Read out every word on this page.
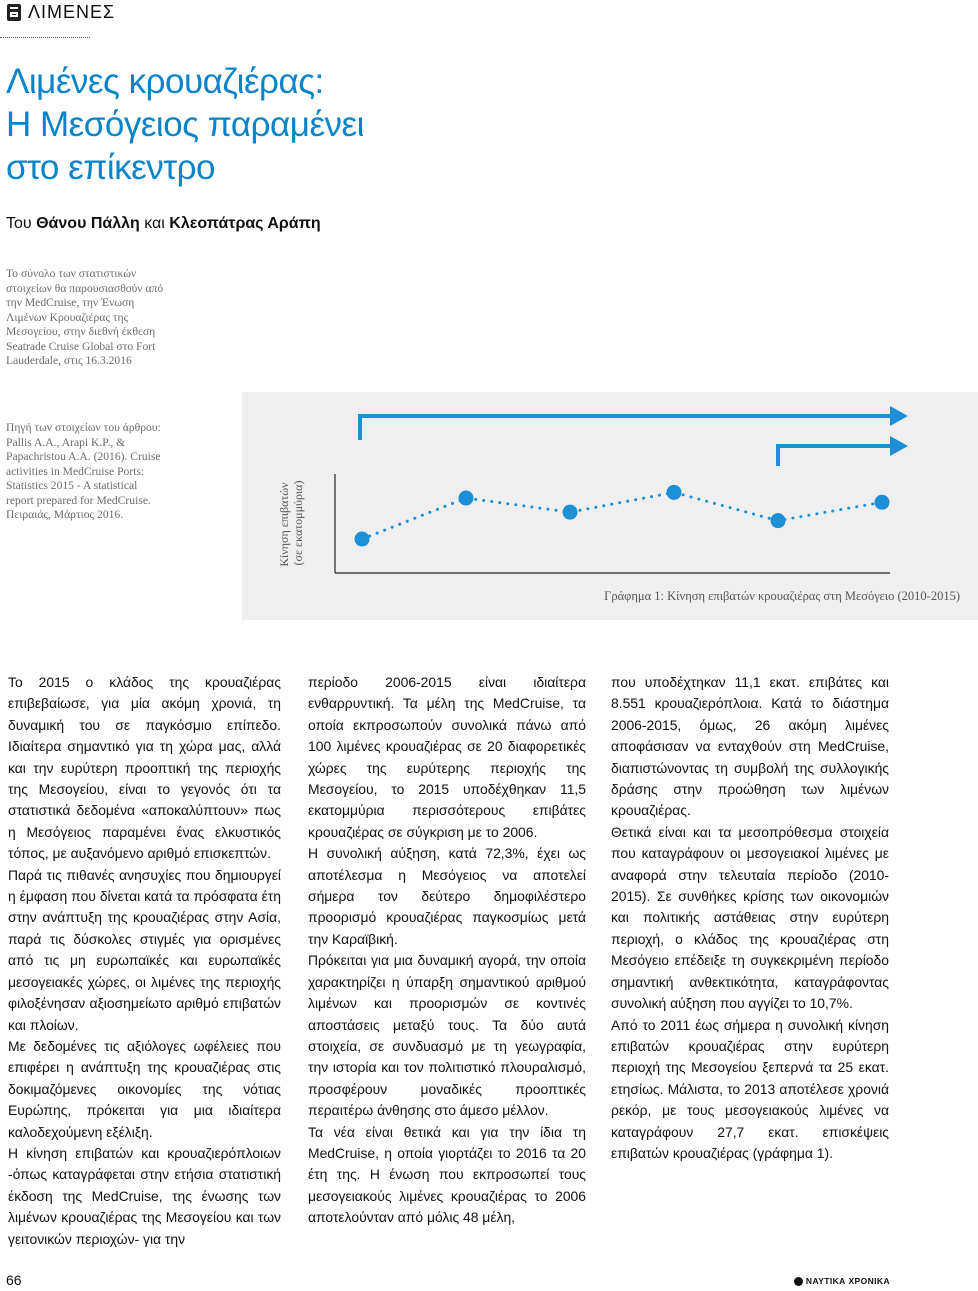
ΛΙΜΕΝΕΣ
Λιμένες κρουαζιέρας:
Η Μεσόγειος παραμένει
στο επίκεντρο
Του Θάνου Πάλλη και Κλεοπάτρας Αράπη
Το σύνολο των στατιστικών στοιχείων θα παρουσιασθούν από την MedCruise, την Ένωση Λιμένων Κρουαζιέρας της Μεσογείου, στην διεθνή έκθεση Seatrade Cruise Global στο Fort Lauderdale, στις 16.3.2016
Πηγή των στοιχείων του άρθρου: Pallis A.A., Arapi K.P., & Papachristou A.A. (2016). Cruise activities in MedCruise Ports: Statistics 2015 - A statistical report prepared for MedCruise. Πειραιάς, Μάρτιος 2016.	Κίνηση επιβατών (σε εκατομμύρια)
Γράφημα 1: Κίνηση επιβατών κρουαζιέρας στη Μεσόγειο (2010-2015)

Το 2015 ο κλάδος της κρουαζιέρας επιβεβαίωσε, για μία ακόμη χρονιά, τη δυναμική του σε παγκόσμιο επίπεδο. Ιδιαίτερα σημαντικό για τη χώρα μας, αλλά και την ευρύτερη προοπτική της περιοχής της Μεσογείου, είναι το γεγονός ότι τα στατιστικά δεδομένα «αποκαλύπτουν» πως η Μεσόγειος παραμένει ένας ελκυστικός τόπος, με αυξανόμενο αριθμό επισκεπτών.

Παρά τις πιθανές ανησυχίες που δημιουργεί η έμφαση που δίνεται κατά τα πρόσφατα έτη στην ανάπτυξη της κρουαζιέρας στην Ασία, παρά τις δύσκολες στιγμές για ορισμένες από τις μη ευρωπαϊκές και ευρωπαϊκές μεσογειακές χώρες, οι λιμένες της περιοχής φιλοξένησαν αξιοσημείωτο αριθμό επιβατών και πλοίων.

Με δεδομένες τις αξιόλογες ωφέλειες που επιφέρει η ανάπτυξη της κρουαζιέρας στις δοκιμαζόμενες οικονομίες της νότιας Ευρώπης, πρόκειται για μια ιδιαίτερα καλοδεχούμενη εξέλιξη.

Η κίνηση επιβατών και κρουαζιερόπλοιων -όπως καταγράφεται στην ετήσια στατιστική έκδοση της MedCruise, της ένωσης των λιμένων κρουαζιέρας της Μεσογείου και των γειτονικών περιοχών- για την

περίοδο 2006-2015 είναι ιδιαίτερα ενθαρρυντική. Τα μέλη της MedCruise, τα οποία εκπροσωπούν συνολικά πάνω από 100 λιμένες κρουαζιέρας σε 20 διαφορετικές χώρες της ευρύτερης περιοχής της Μεσογείου, το 2015 υποδέχθηκαν 11,5 εκατομμύρια περισσότερους επιβάτες κρουαζιέρας σε σύγκριση με το 2006.

Η συνολική αύξηση, κατά 72,3%, έχει ως αποτέλεσμα η Μεσόγειος να αποτελεί σήμερα τον δεύτερο δημοφιλέστερο προορισμό κρουαζιέρας παγκοσμίως μετά την Καραϊβική.

Πρόκειται για μια δυναμική αγορά, την οποία χαρακτηρίζει η ύπαρξη σημαντικού αριθμού λιμένων και προορισμών σε κοντινές αποστάσεις μεταξύ τους. Τα δύο αυτά στοιχεία, σε συνδυασμό με τη γεωγραφία, την ιστορία και τον πολιτιστικό πλουραλισμό, προσφέρουν μοναδικές προοπτικές περαιτέρω άνθησης στο άμεσο μέλλον.

Τα νέα είναι θετικά και για την ίδια τη MedCruise, η οποία γιορτάζει το 2016 τα 20 έτη της. Η ένωση που εκπροσωπεί τους μεσογειακούς λιμένες κρουαζιέρας το 2006 αποτελούνταν από μόλις 48 μέλη,

που υποδέχτηκαν 11,1 εκατ. επιβάτες και 8.551 κρουαζιερόπλοια. Κατά το διάστημα 2006-2015, όμως, 26 ακόμη λιμένες αποφάσισαν να ενταχθούν στη MedCruise, διαπιστώνοντας τη συμβολή της συλλογικής δράσης στην προώθηση των λιμένων κρουαζιέρας.

Θετικά είναι και τα μεσοπρόθεσμα στοιχεία που καταγράφουν οι μεσογειακοί λιμένες με αναφορά στην τελευταία περίοδο (2010-2015). Σε συνθήκες κρίσης των οικονομιών και πολιτικής αστάθειας στην ευρύτερη περιοχή, ο κλάδος της κρουαζιέρας στη Μεσόγειο επέδειξε τη συγκεκριμένη περίοδο σημαντική ανθεκτικότητα, καταγράφοντας συνολική αύξηση που αγγίζει το 10,7%.

Από το 2011 έως σήμερα η συνολική κίνηση επιβατών κρουαζιέρας στην ευρύτερη περιοχή της Μεσογείου ξεπερνά τα 25 εκατ. ετησίως. Μάλιστα, το 2013 αποτέλεσε χρονιά ρεκόρ, με τους μεσογειακούς λιμένες να καταγράφουν 27,7 εκατ. επισκέψεις επιβατών κρουαζιέρας (γράφημα 1).

66	ΝΑΥΤΙΚΑ ΧΡΟΝΙΚΑ
